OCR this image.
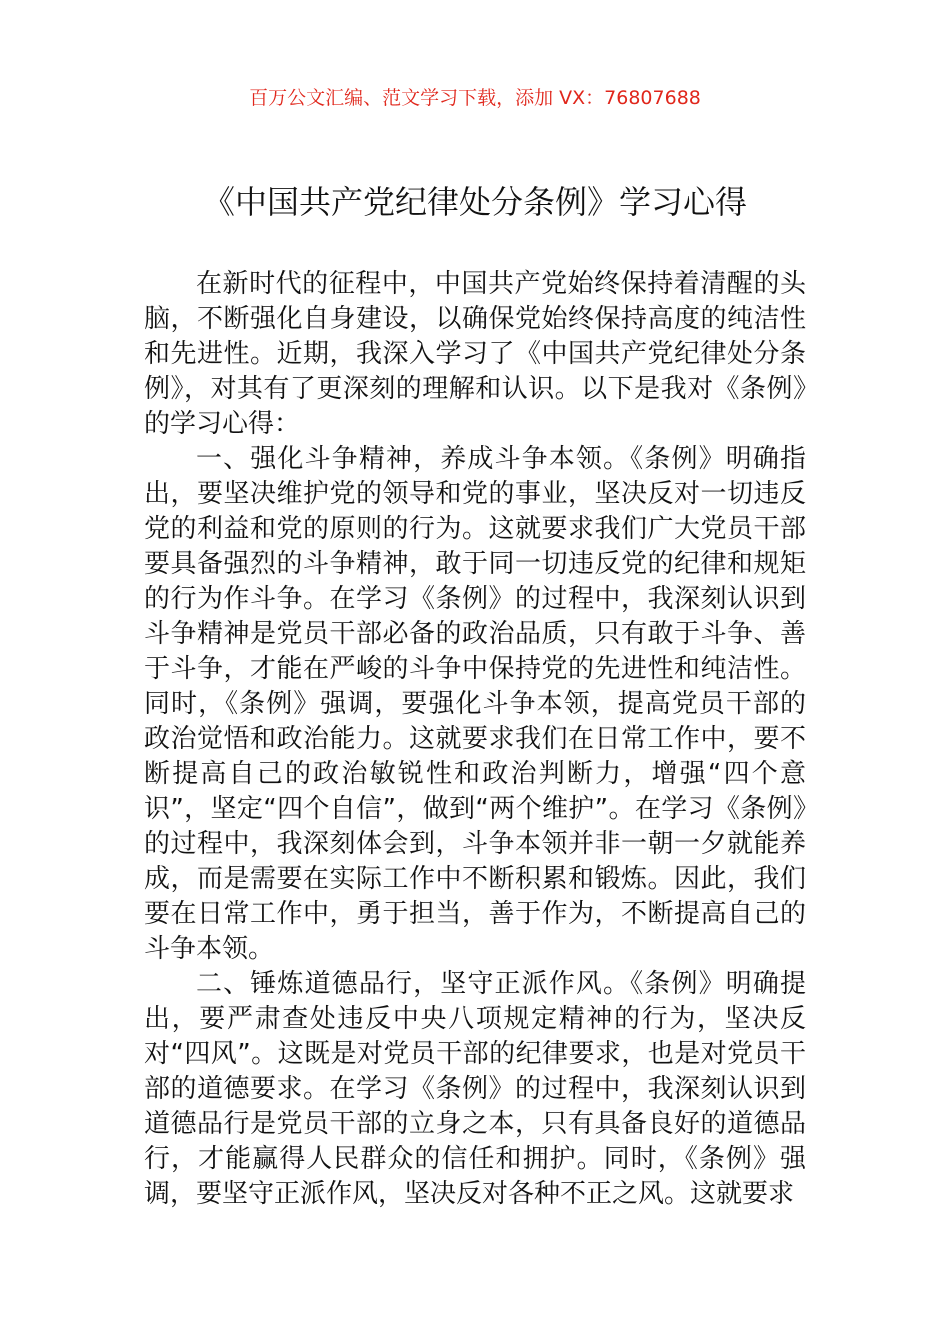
百万公文汇编、范文学习下载，添加 VX：76807688
《中国共产党纪律处分条例》学习心得

在新时代的征程中，中国共产党始终保持着清醒的头脑，不断强化自身建设，以确保党始终保持高度的纯洁性和先进性。近期，我深入学习了《中国共产党纪律处分条例》，对其有了更深刻的理解和认识。以下是我对《条例》的学习心得：

一、强化斗争精神，养成斗争本领。《条例》明确指出，要坚决维护党的领导和党的事业，坚决反对一切违反党的利益和党的原则的行为。这就要求我们广大党员干部要具备强烈的斗争精神，敢于同一切违反党的纪律和规矩的行为作斗争。在学习《条例》的过程中，我深刻认识到斗争精神是党员干部必备的政治品质，只有敢于斗争、善于斗争，才能在严峻的斗争中保持党的先进性和纯洁性。同时，《条例》强调，要强化斗争本领，提高党员干部的政治觉悟和政治能力。这就要求我们在日常工作中，要不断提高自己的政治敏锐性和政治判断力，增强“四个意识”，坚定“四个自信”，做到“两个维护”。在学习《条例》的过程中，我深刻体会到，斗争本领并非一朝一夕就能养成，而是需要在实际工作中不断积累和锻炼。因此，我们要在日常工作中，勇于担当，善于作为，不断提高自己的斗争本领。

二、锤炼道德品行，坚守正派作风。《条例》明确提出，要严肃查处违反中央八项规定精神的行为，坚决反对“四风”。这既是对党员干部的纪律要求，也是对党员干部的道德要求。在学习《条例》的过程中，我深刻认识到道德品行是党员干部的立身之本，只有具备良好的道德品行，才能赢得人民群众的信任和拥护。同时，《条例》强调，要坚守正派作风，坚决反对各种不正之风。这就要求
